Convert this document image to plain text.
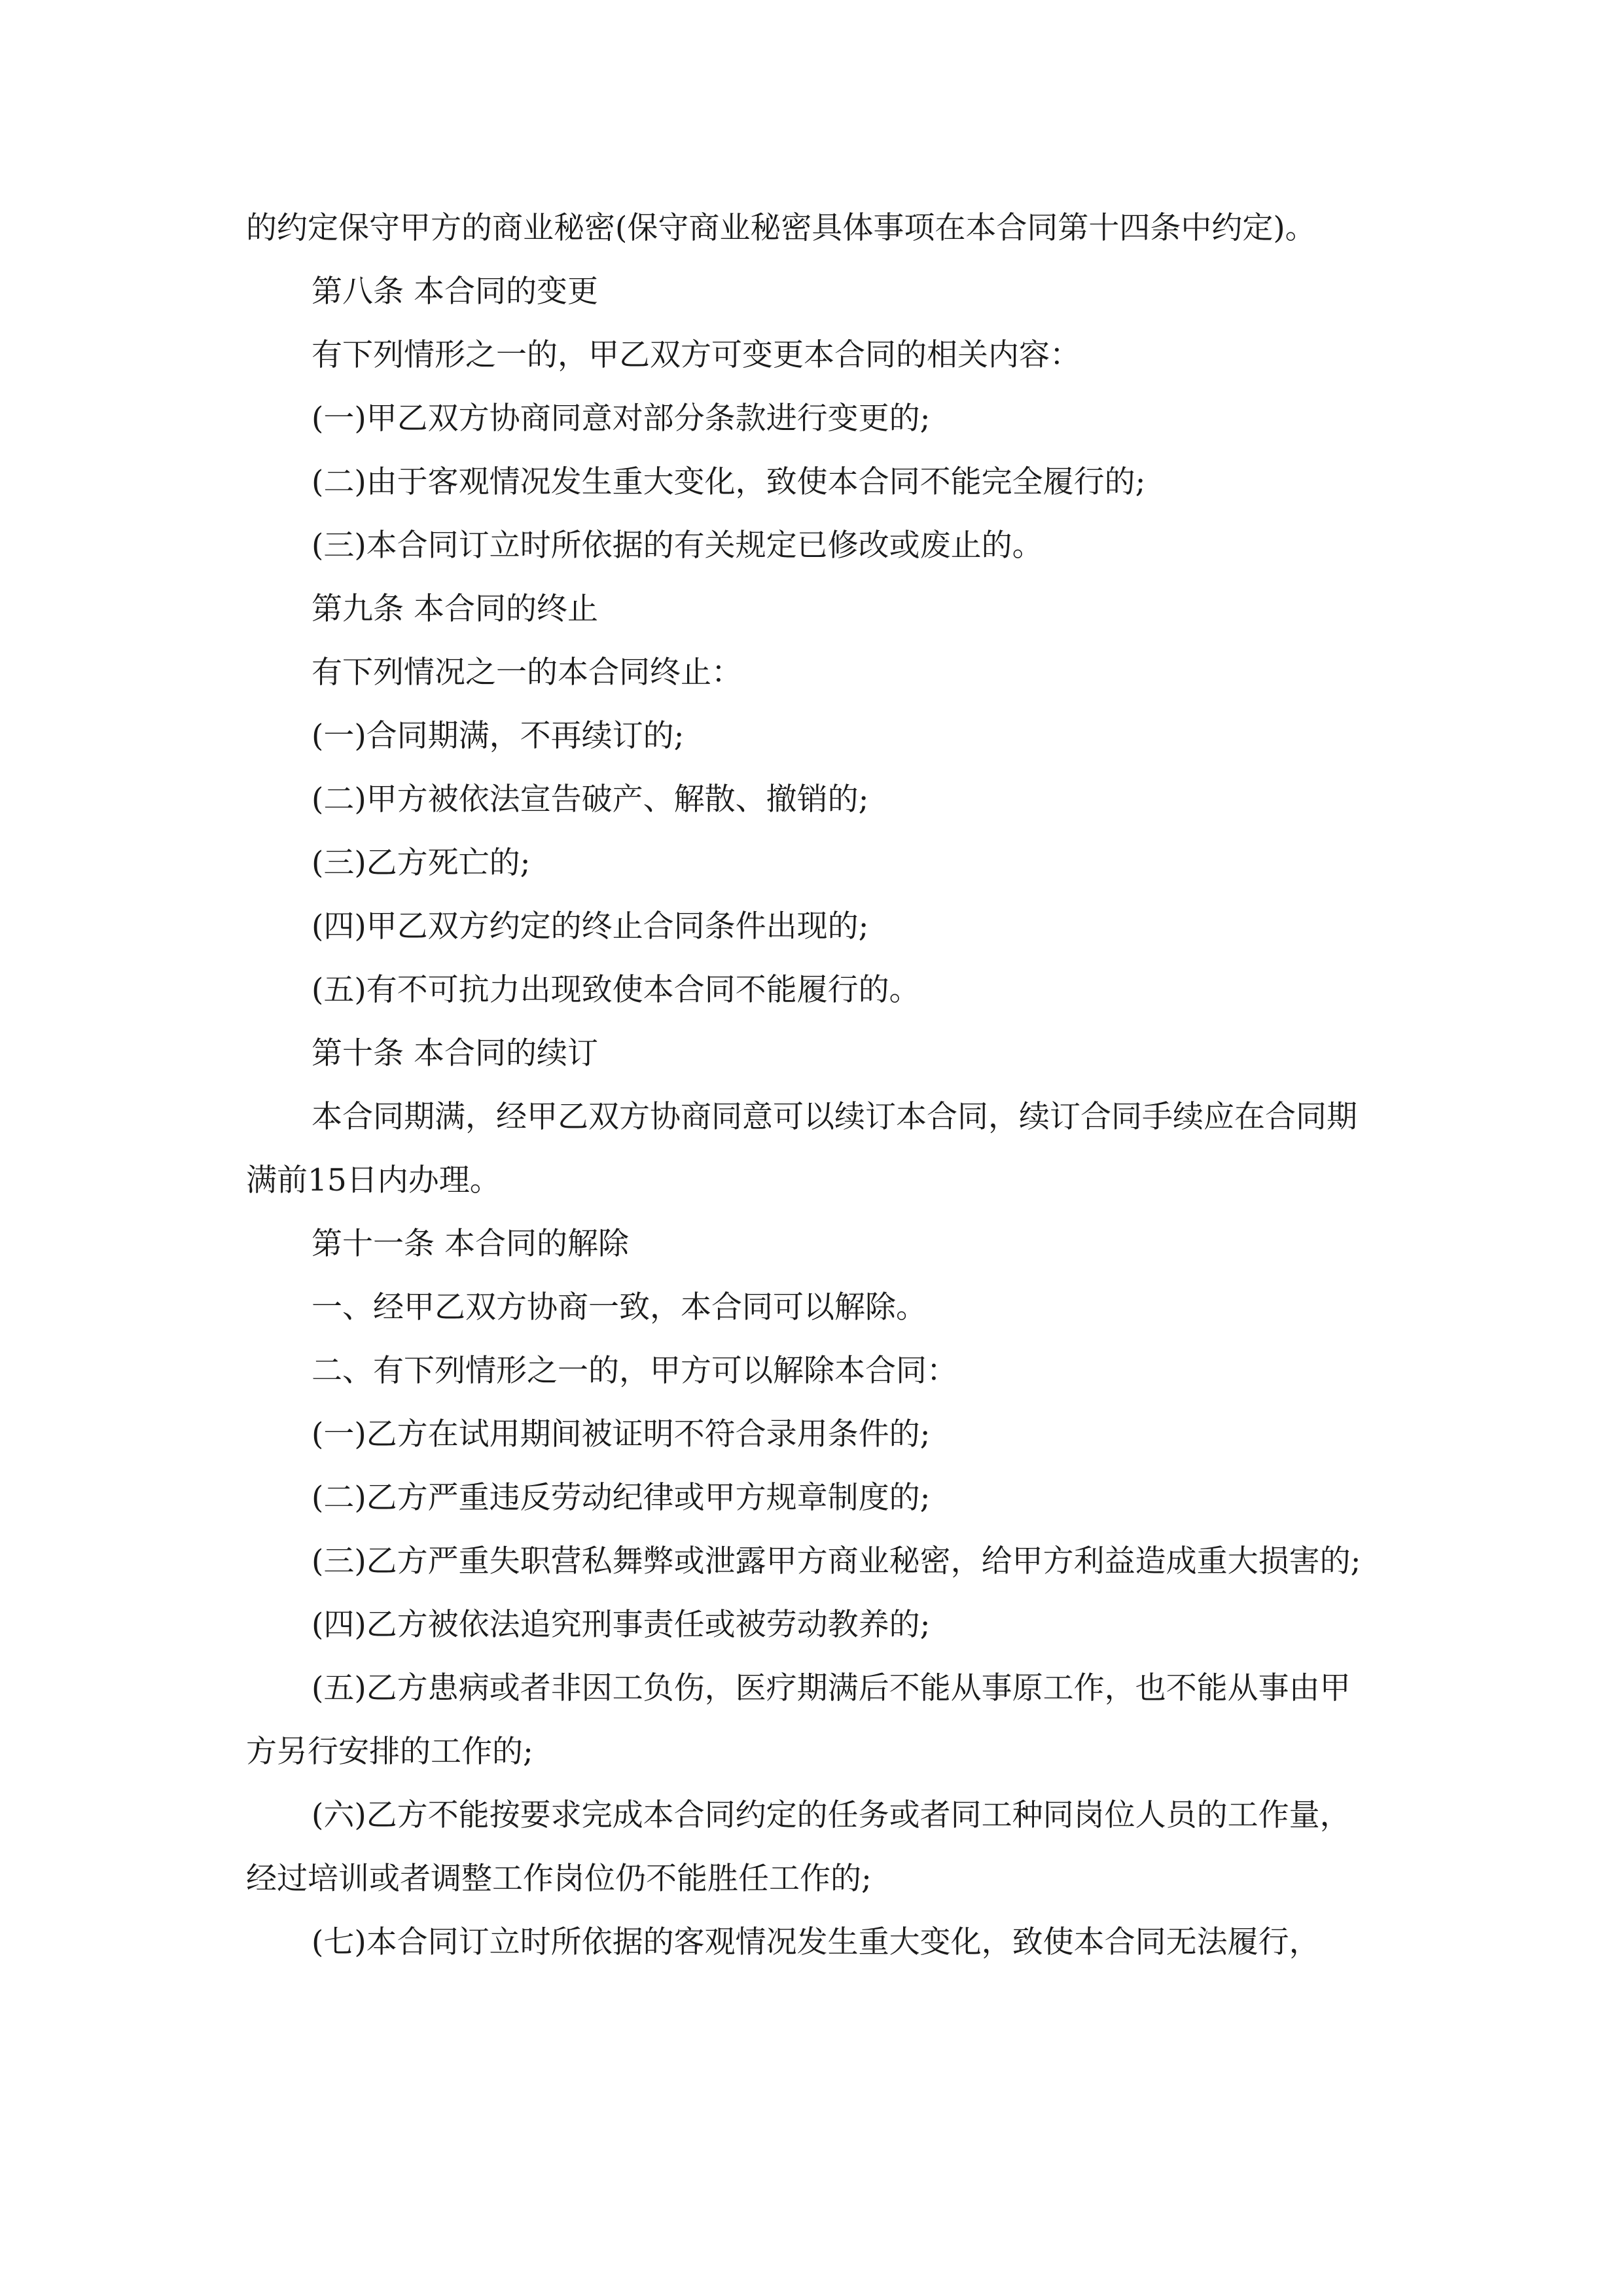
的约定保守甲方的商业秘密(保守商业秘密具体事项在本合同第十四条中约定)。

第八条 本合同的变更

有下列情形之一的，甲乙双方可变更本合同的相关内容：

(一)甲乙双方协商同意对部分条款进行变更的;

(二)由于客观情况发生重大变化，致使本合同不能完全履行的;

(三)本合同订立时所依据的有关规定已修改或废止的。

第九条 本合同的终止

有下列情况之一的本合同终止：

(一)合同期满，不再续订的;

(二)甲方被依法宣告破产、解散、撤销的;

(三)乙方死亡的;

(四)甲乙双方约定的终止合同条件出现的;

(五)有不可抗力出现致使本合同不能履行的。

第十条 本合同的续订

本合同期满，经甲乙双方协商同意可以续订本合同，续订合同手续应在合同期满前15日内办理。

第十一条 本合同的解除

一、经甲乙双方协商一致，本合同可以解除。

二、有下列情形之一的，甲方可以解除本合同：

(一)乙方在试用期间被证明不符合录用条件的;

(二)乙方严重违反劳动纪律或甲方规章制度的;

(三)乙方严重失职营私舞弊或泄露甲方商业秘密，给甲方利益造成重大损害的;

(四)乙方被依法追究刑事责任或被劳动教养的;

(五)乙方患病或者非因工负伤，医疗期满后不能从事原工作，也不能从事由甲方另行安排的工作的;

(六)乙方不能按要求完成本合同约定的任务或者同工种同岗位人员的工作量，经过培训或者调整工作岗位仍不能胜任工作的;

(七)本合同订立时所依据的客观情况发生重大变化，致使本合同无法履行，
